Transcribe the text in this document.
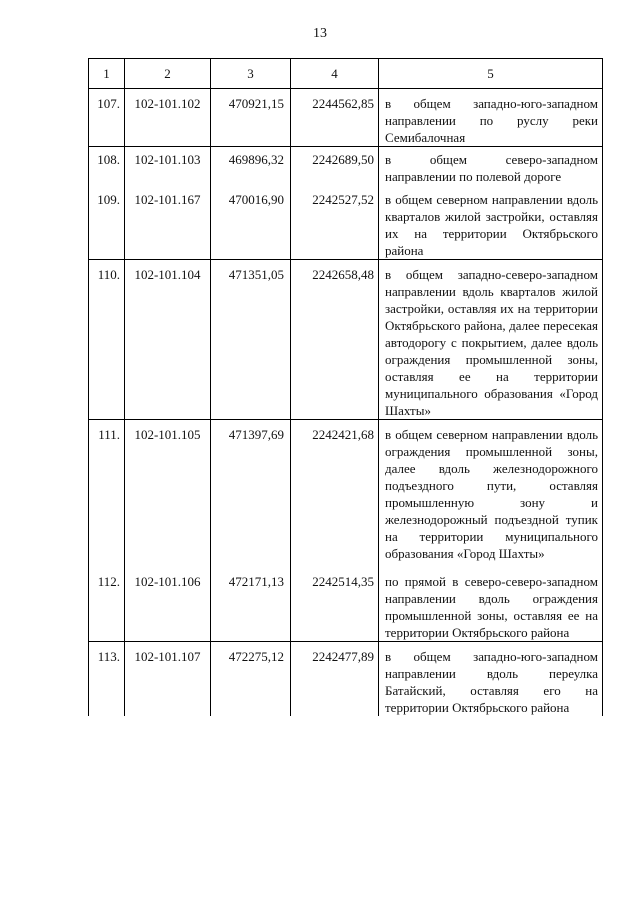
13
1	2	3	4	5
107.	102-101.102	470921,15	2244562,85	в общем западно-юго-западном направлении по руслу реки Семибалочная
108.	102-101.103	469896,32	2242689,50	в общем северо-западном направлении по полевой дороге
109.	102-101.167	470016,90	2242527,52	в общем северном направлении вдоль кварталов жилой застройки, оставляя их на территории Октябрьского района
110.	102-101.104	471351,05	2242658,48	в общем западно-северо-западном направлении вдоль кварталов жилой застройки, оставляя их на территории Октябрьского района, далее пересекая автодорогу с покрытием, далее вдоль ограждения промышленной зоны, оставляя ее на территории муниципального образования «Город Шахты»
111.	102-101.105	471397,69	2242421,68	в общем северном направлении вдоль ограждения промышленной зоны, далее вдоль железнодорожного подъездного пути, оставляя промышленную зону и железнодорожный подъездной тупик на территории муниципального образования «Город Шахты»
112.	102-101.106	472171,13	2242514,35	по прямой в северо-северо-западном направлении вдоль ограждения промышленной зоны, оставляя ее на территории Октябрьского района
113.	102-101.107	472275,12	2242477,89	в общем западно-юго-западном направлении вдоль переулка Батайский, оставляя его на территории Октябрьского района
